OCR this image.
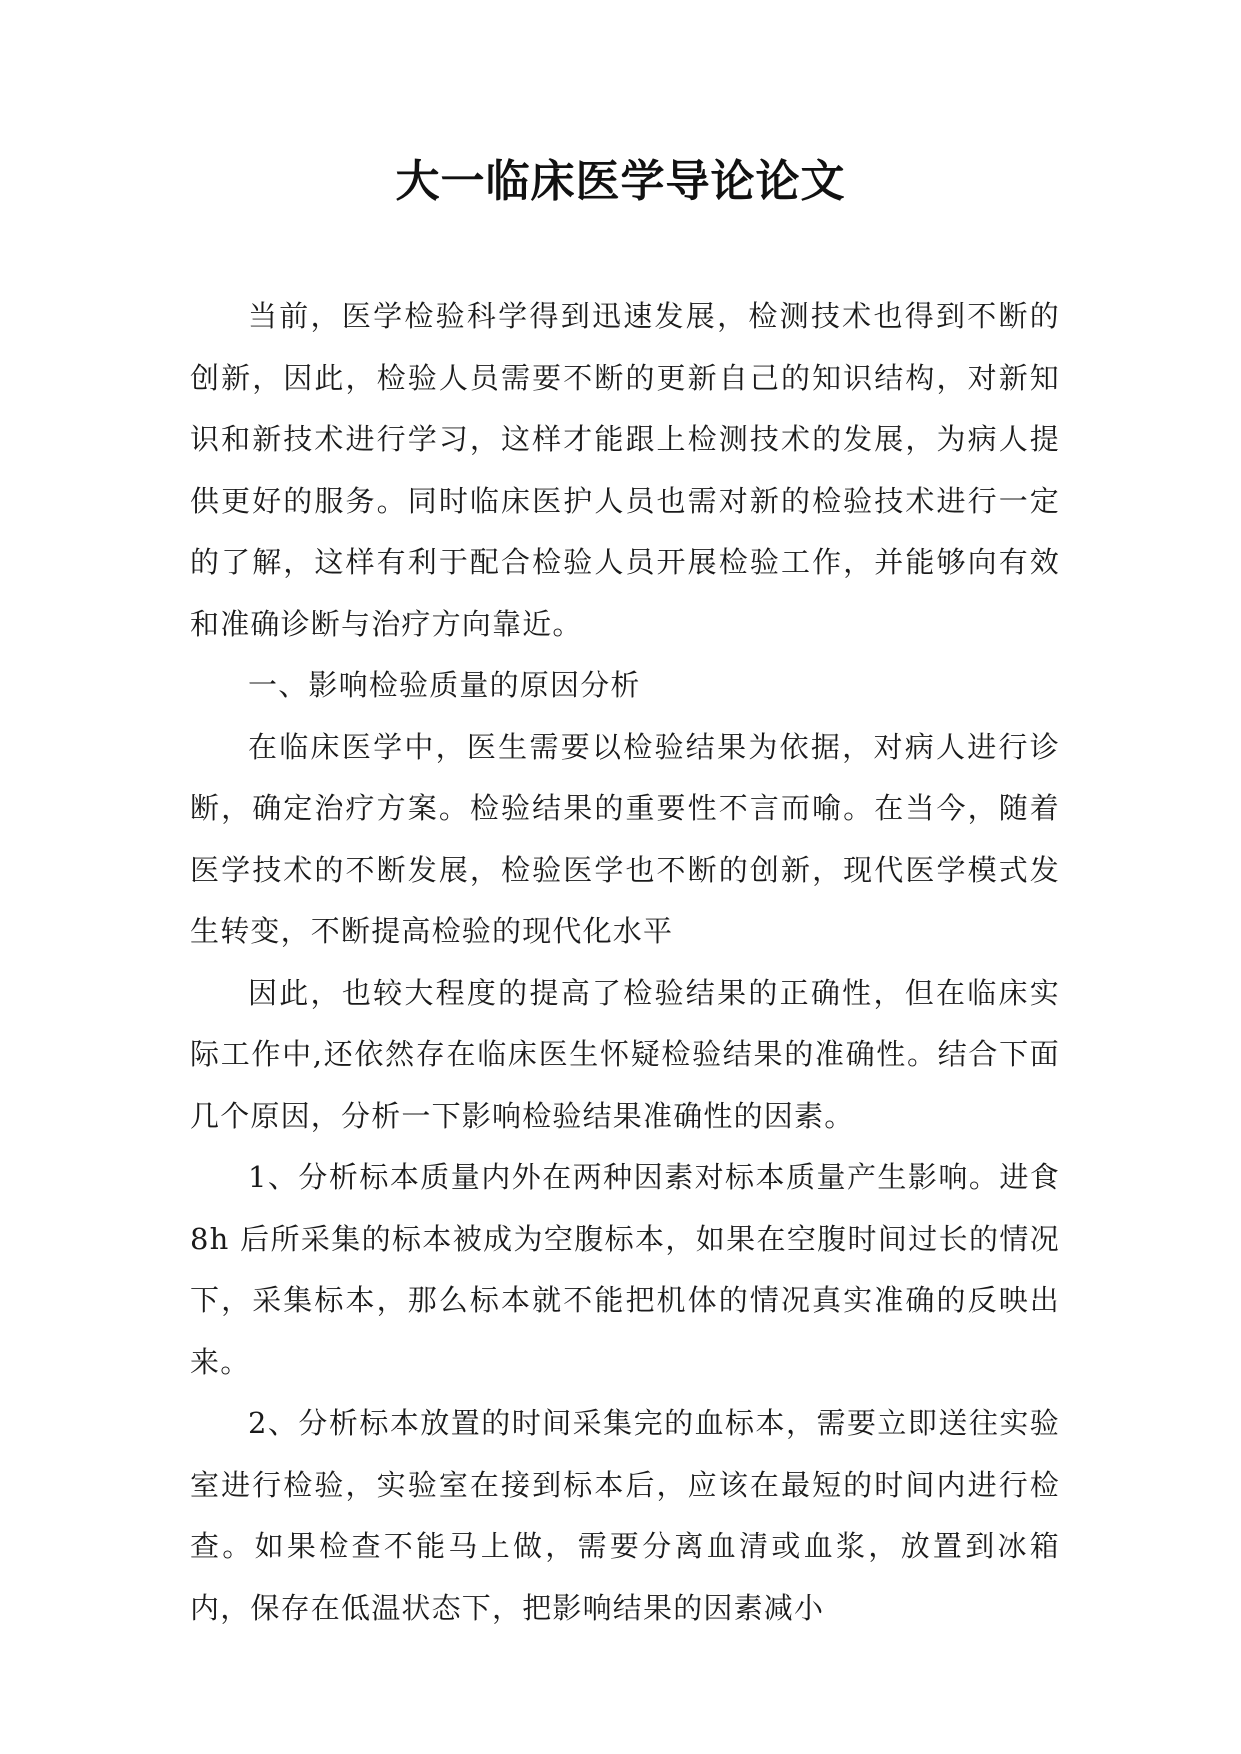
大一临床医学导论论文

当前，医学检验科学得到迅速发展，检测技术也得到不断的创新，因此，检验人员需要不断的更新自己的知识结构，对新知识和新技术进行学习，这样才能跟上检测技术的发展，为病人提供更好的服务。同时临床医护人员也需对新的检验技术进行一定的了解，这样有利于配合检验人员开展检验工作，并能够向有效和准确诊断与治疗方向靠近。

一、影响检验质量的原因分析

在临床医学中，医生需要以检验结果为依据，对病人进行诊断，确定治疗方案。检验结果的重要性不言而喻。在当今，随着医学技术的不断发展，检验医学也不断的创新，现代医学模式发生转变，不断提高检验的现代化水平

因此，也较大程度的提高了检验结果的正确性，但在临床实际工作中,还依然存在临床医生怀疑检验结果的准确性。结合下面几个原因，分析一下影响检验结果准确性的因素。

1、分析标本质量内外在两种因素对标本质量产生影响。进食 8h 后所采集的标本被成为空腹标本，如果在空腹时间过长的情况下，采集标本，那么标本就不能把机体的情况真实准确的反映出来。

2、分析标本放置的时间采集完的血标本，需要立即送往实验室进行检验，实验室在接到标本后，应该在最短的时间内进行检查。如果检查不能马上做，需要分离血清或血浆，放置到冰箱内，保存在低温状态下，把影响结果的因素减小
